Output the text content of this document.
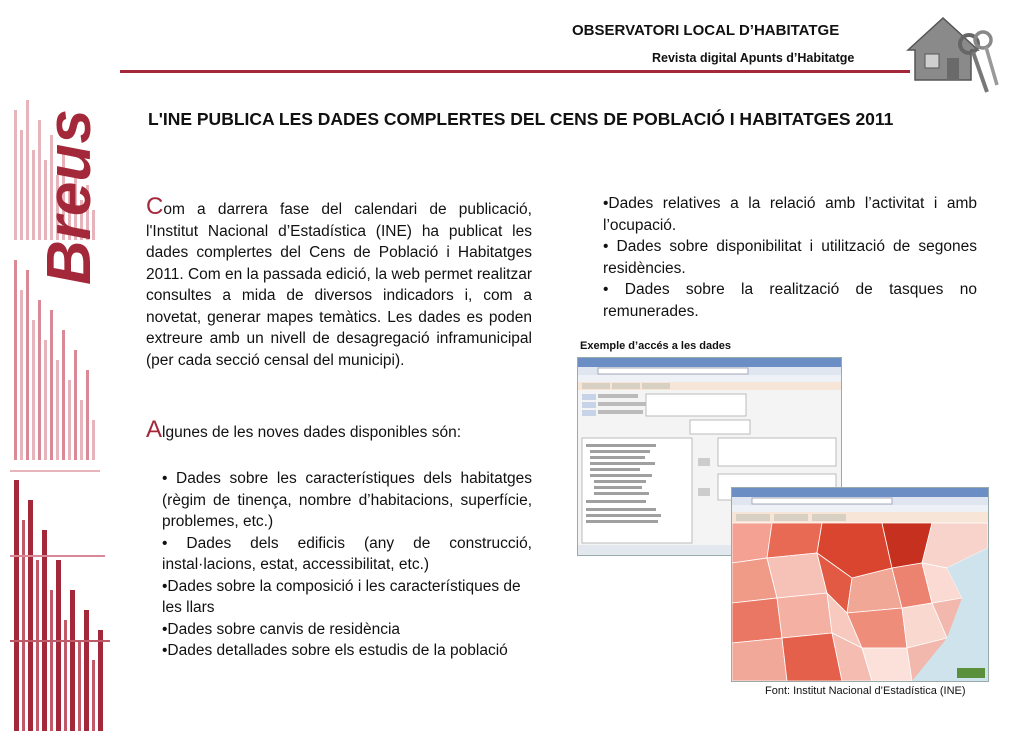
Breus
OBSERVATORI LOCAL D’HABITATGE
Revista digital Apunts d’Habitatge
L'INE PUBLICA LES DADES COMPLERTES DEL CENS DE POBLACIÓ I HABITATGES 2011
Com a darrera fase del calendari de publicació, l'Institut Nacional d’Estadística (INE) ha publicat les dades complertes del Cens de Població i Habitatges 2011. Com en la passada edició, la web permet realitzar consultes a mida de diversos indicadors i, com a novetat, generar mapes temàtics. Les dades es poden extreure amb un nivell de desagregació inframunicipal (per cada secció censal del municipi).
Algunes de les noves dades disponibles són:

• Dades sobre les característiques dels habitatges (règim de tinença, nombre d’habitacions, superfície, problemes, etc.)

• Dades dels edificis (any de construcció, instal·lacions, estat, accessibilitat, etc.)

•Dades sobre la composició i les característiques de les llars

•Dades sobre canvis de residència

•Dades detallades sobre els estudis de la població

•Dades relatives a la relació amb l’activitat i amb l’ocupació.

• Dades sobre disponibilitat i utilització de segones residències.

• Dades sobre la realització de tasques no remunerades.

Exemple d’accés a les dades
Font: Institut Nacional d’Estadística (INE)
